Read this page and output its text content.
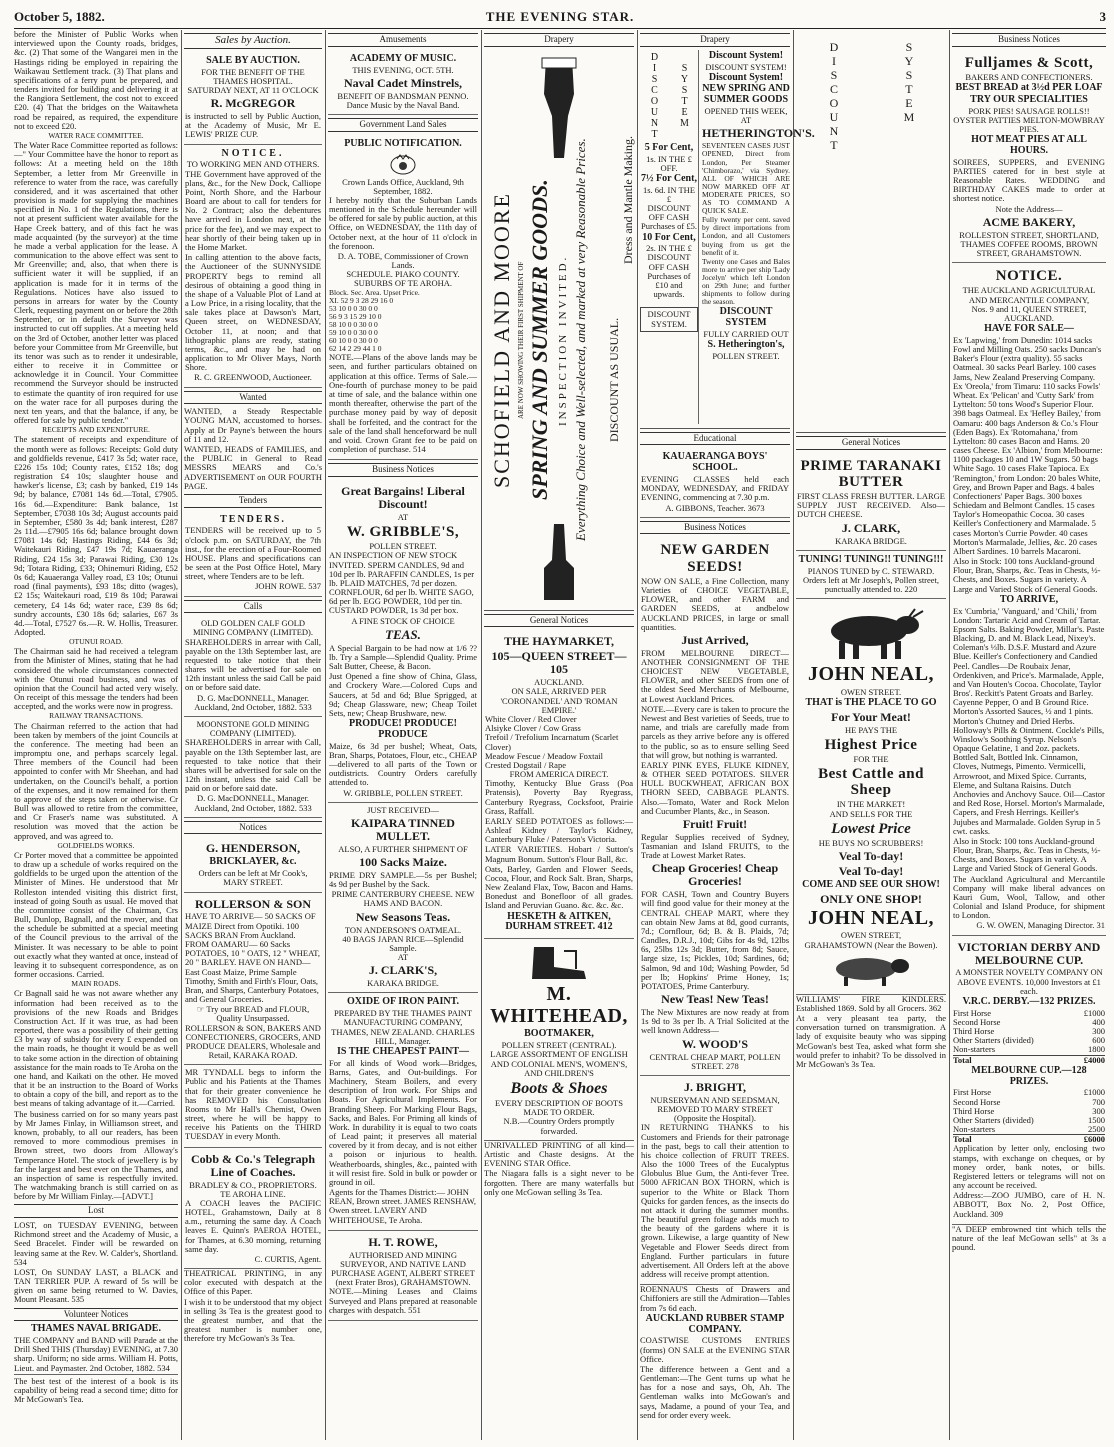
October 5, 1882.	THE EVENING STAR.	3

before the Minister of Public Works when interviewed upon the County roads, bridges, &c. (2) That some of the Wangarei men in the Hastings riding be employed in repairing the Waikawau Settlement track. (3) That plans and specifications of a ferry punt be prepared, and tenders invited for building and delivering it at the Rangiora Settlement, the cost not to exceed £20. (4) That the bridges on the Waitawheta road be repaired, as required, the expenditure not to exceed £20.

WATER RACE COMMITTEE.

The Water Race Committee reported as follows:—" Your Committee have the honor to report as follows: At a meeting held on the 18th September, a letter from Mr Greenville in reference to water from the race, was carefully considered, and it was ascertained that other provision is made for supplying the machines specified in No. 1 of the Regulations, there is not at present sufficient water available for the Hape Creek battery, and of this fact he was made acquainted (by the surveyor) at the time he made a verbal application for the lease. A communication to the above effect was sent to Mr Greenville; and, also, that when there is sufficient water it will be supplied, if an application is made for it in terms of the Regulations. Notices have also issued to persons in arrears for water by the County Clerk, requesting payment on or before the 28th September, or in default the Surveyor was instructed to cut off supplies. At a meeting held on the 3rd of October, another letter was placed before your Committee from Mr Greenville, but its tenor was such as to render it undesirable, either to receive it in Committee or acknowledge it in Council. Your Committee recommend the Surveyor should be instructed to estimate the quantity of iron required for use on the water race for all purposes during the next ten years, and that the balance, if any, be offered for sale by public tender."

RECEIPTS AND EXPENDITURE.

The statement of receipts and expenditure of the month were as follows: Receipts: Gold duty and goldfields revenue, £417 3s 5d; water race, £226 15s 10d; County rates, £152 18s; dog registration £4 10s; slaughter house and hawker's license, £3; cash by banked, £19 14s 9d; by balance, £7081 14s 6d.—Total, £7905. 16s 6d.—Expenditure: Bank balance, 1st September, £7038 10s 3d; August accounts paid in September, £580 3s 4d; bank interest, £287 2s 11d.—£7905 16s 6d; balance brought down £7081 14s 6d; Hastings Riding, £44 6s 3d; Waitekauri Riding, £47 19s 7d; Kauaeranga Riding, £24 15s 3d; Parawai Riding, £30 12s 9d; Totara Riding, £33; Ohinemuri Riding, £52 0s 6d; Kauaeranga Valley road, £3 10s; Otunui road (final payments), £93 18s; ditto (wages), £2 15s; Waitekauri road, £19 8s 10d; Parawai cemetery, £4 14s 6d; water race, £39 8s 6d; sundry accounts, £30 18s 6d; salaries, £67 3s 4d.—Total, £7527 6s.—R. W. Hollis, Treasurer. Adopted.

OTUNUI ROAD.

The Chairman said he had received a telegram from the Minister of Mines, stating that he had considered the whole circumstances connected with the Otunui road business, and was of opinion that the Council had acted very wisely. On receipt of this message the tenders had been accepted, and the works were now in progress.

RAILWAY TRANSACTIONS.

The Chairman referred to the action that had been taken by members of the joint Councils at the conference. The meeting had been an impromptu one, and perhaps scarcely legal. Three members of the Council had been appointed to confer with Mr Sheehan, and had undertaken, on the Council's behalf, a portion of the expenses, and it now remained for them to approve of the steps taken or otherwise. Cr Bull was allowed to retire from the committee, and Cr Fraser's name was substituted. A resolution was moved that the action be approved, and was agreed to.

GOLDFIELDS WORKS.

Cr Porter moved that a committee be appointed to draw up a schedule of works required on the goldfields to be urged upon the attention of the Minister of Mines. He understood that Mr Rolleston intended visiting this district first, instead of going South as usual. He moved that the committee consist of the Chairman, Crs Bull, Dunlop, Bagnall, and the mover, and that the schedule be submitted at a special meeting of the Council previous to the arrival of the Minister. It was necessary to be able to point out exactly what they wanted at once, instead of leaving it to subsequent correspondence, as on former occasions. Carried.

MAIN ROADS.

Cr Bagnall said he was not aware whether any information had been received as to the provisions of the new Roads and Bridges Construction Act. If it was true, as had been reported, there was a possibility of their getting £3 by way of subsidy for every £ expended on the main roads, he thought it would be as well to take some action in the direction of obtaining assistance for the main roads to Te Aroha on the one hand, and Kaikati on the other. He moved that it be an instruction to the Board of Works to obtain a copy of the bill, and report as to the best means of taking advantage of it.—Carried.

The business carried on for so many years past by Mr James Finlay, in Williamson street, and known, probably, to all our readers, has been removed to more commodious premises in Brown street, two doors from Alloway's Temperance Hotel. The stock of jewellery is by far the largest and best ever on the Thames, and an inspection of same is respectfully invited. The watchmaking branch is still carried on as before by Mr William Finlay.—[ADVT.]

Lost

LOST, on TUESDAY EVENING, between Richmond street and the Academy of Music, a Seed Bracelet. Finder will be rewarded on leaving same at the Rev. W. Calder's, Shortland. 534

LOST, On SUNDAY LAST, a BLACK and TAN TERRIER PUP. A reward of 5s will be given on same being returned to W. Davies, Mount Pleasant. 535

Volunteer Notices
THAMES NAVAL BRIGADE.

THE COMPANY and BAND will Parade at the Drill Shed THIS (Thursday) EVENING, at 7.30 sharp. Uniform; no side arms. William H. Potts, Lieut. and Paymaster. 2nd October, 1882. 534

The best test of the interest of a book is its capability of being read a second time; ditto for Mr McGowan's Tea.

Sales by Auction.
SALE BY AUCTION.
FOR THE BENEFIT OF THE THAMES HOSPITAL.
SATURDAY NEXT, AT 11 O'CLOCK
R. McGREGOR
is instructed to sell by Public Auction, at the Academy of Music, Mr E. LEWIS' PRIZE CUP.
NOTICE.
TO WORKING MEN AND OTHERS.

THE Government have approved of the plans, &c., for the New Dock, Calliope Point, North Shore, and the Harbour Board are about to call for tenders for No. 2 Contract; also the debentures have arrived in London next, at the price for the fee), and we may expect to hear shortly of their being taken up in the Home Market.

In calling attention to the above facts, the Auctioneer of the SUNNYSIDE PROPERTY begs to remind all desirous of obtaining a good thing in the shape of a Valuable Plot of Land at a Low Price, in a rising locality, that the sale takes place at Dawson's Mart, Queen street, on WEDNESDAY, October 11, at noon; and that lithographic plans are ready, stating terms, &c., and may be had on application to Mr Oliver Mays, North Shore.

R. C. GREENWOOD, Auctioneer.
Wanted

WANTED, a Steady Respectable YOUNG MAN, accustomed to horses. Apply at Dr Payne's between the hours of 11 and 12.

WANTED, HEADS of FAMILIES, and the PUBLIC in General to Read MESSRS MEARS and Co.'s ADVERTISEMENT on OUR FOURTH PAGE.

Tenders
TENDERS.

TENDERS will be received up to 5 o'clock p.m. on SATURDAY, the 7th inst., for the erection of a Four-Roomed HOUSE. Plans and specifications can be seen at the Post Office Hotel, Mary street, where Tenders are to be left.

JOHN ROWE. 537
Calls
OLD GOLDEN CALF GOLD MINING COMPANY (LIMITED).

SHAREHOLDERS in arrear with Call, payable on the 13th September last, are requested to take notice that their shares will be advertised for sale on 12th instant unless the said Call be paid on or before said date.

D. G. MacDONNELL, Manager. Auckland, 2nd October, 1882. 533
MOONSTONE GOLD MINING COMPANY (LIMITED).

SHAREHOLDERS in arrear with Call, payable on the 13th September last, are requested to take notice that their shares will be advertised for sale on the 12th instant, unless the said Call be paid on or before said date.

D. G. MacDONNELL, Manager. Auckland, 2nd October, 1882. 533
Notices
G. HENDERSON,
BRICKLAYER, &c.
Orders can be left at Mr Cook's, MARY STREET.
ROLLERSON & SON

HAVE TO ARRIVE— 50 SACKS OF MAIZE Direct from Opotiki. 100 SACKS BRAN From Auckland. FROM OAMARU— 60 Sacks POTATOES, 10 " OATS, 12 " WHEAT, 20 " BARLEY. HAVE ON HAND— East Coast Maize, Prime Sample Timothy, Smith and Firth's Flour, Oats, Bran, and Sharps, Canterbury Potatoes, and General Groceries.

☞ Try our BREAD and FLOUR, Quality Unsurpassed.
ROLLERSON & SON, BAKERS AND CONFECTIONERS, GROCERS, AND PRODUCE DEALERS, Wholesale and Retail, KARAKA ROAD.

MR TYNDALL begs to inform the Public and his Patients at the Thames that for their greater convenience he has REMOVED his Consultation Rooms to Mr Hall's Chemist, Owen street, where he will be happy to receive his Patients on the THIRD TUESDAY in every Month.

Cobb & Co.'s Telegraph Line of Coaches.
BRADLEY & CO., PROPRIETORS.
TE AROHA LINE.

A COACH leaves the PACIFIC HOTEL, Grahamstown, Daily at 8 a.m., returning the same day. A Coach leaves E. Quinn's PAEROA HOTEL, for Thames, at 6.30 morning, returning same day.

C. CURTIS, Agent.

THEATRICAL PRINTING, in any color executed with despatch at the Office of this Paper.

I wish it to be understood that my object in selling 3s Tea is the greatest good to the greatest number, and that the greatest number is number one, therefore try McGowan's 3s Tea.

Amusements
ACADEMY OF MUSIC.
THIS EVENING, OCT. 5TH.
Naval Cadet Minstrels,
BENEFIT OF BANDSMAN PENNO.
Dance Music by the Naval Band.
Government Land Sales
PUBLIC NOTIFICATION.
Crown Lands Office, Auckland, 9th September, 1882.

I hereby notify that the Suburban Lands mentioned in the Schedule hereunder will be offered for sale by public auction, at this Office, on WEDNESDAY, the 11th day of October next, at the hour of 11 o'clock in the forenoon.

D. A. TOBE, Commissioner of Crown Lands.
SCHEDULE. PIAKO COUNTY. SUBURBS OF TE AROHA.
Block. Sec. Area. Upset Price.
XI. 52 9 3 28 29 16 0
53 10 0 0 30 0 0
56 9 3 15 29 10 0
58 10 0 0 30 0 0
59 10 0 0 30 0 0
60 10 0 0 30 0 0
62 14 2 29 44 1 0

NOTE.—Plans of the above lands may be seen, and further particulars obtained on application at this office. Terms of Sale.—One-fourth of purchase money to be paid at time of sale, and the balance within one month thereafter, otherwise the part of the purchase money paid by way of deposit shall be forfeited, and the contract for the sale of the land shall henceforward be null and void. Crown Grant fee to be paid on completion of purchase. 514

Business Notices
Great Bargains! Liberal Discount!
AT
W. GRIBBLE'S,
POLLEN STREET.

AN INSPECTION OF NEW STOCK INVITED. SPERM CANDLES, 9d and 10d per lb. PARAFFIN CANDLES, 1s per lb. PLAID MATCHES, 7d per dozen. CORNFLOUR, 6d per lb. WHITE SAGO, 6d per lb. EGG POWDER, 10d per tin. CUSTARD POWDER, 1s 3d per box.

A FINE STOCK OF CHOICE
TEAS.

A Special Bargain to be had now at 1/6 ?? lb. Try a Sample—Splendid Quality. Prime Salt Butter, Cheese, & Bacon.

Just Opened a fine show of China, Glass, and Crockery Ware.—Colored Cups and Saucers, at 5d and 6d; Blue Sprigged, at 9d; Cheap Glassware, new; Cheap Toilet Sets, new; Cheap Brushware, new.

PRODUCE! PRODUCE! PRODUCE

Maize, 6s 3d per bushel; Wheat, Oats, Bran, Sharps, Potatoes, Flour, etc., CHEAP —delivered to all parts of the Town or outdistricts. Country Orders carefully attended to.

W. GRIBBLE, POLLEN STREET.
JUST RECEIVED—
KAIPARA TINNED MULLET.
ALSO, A FURTHER SHIPMENT OF
100 Sacks Maize.

PRIME DRY SAMPLE.—5s per Bushel; 4s 9d per Bushel by the Sack.

PRIME CANTERBURY CHEESE. NEW HAMS AND BACON.
New Seasons Teas.
TON ANDERSON'S OATMEAL.
40 BAGS JAPAN RICE—Splendid Sample.
AT
J. CLARK'S,
KARAKA BRIDGE.
OXIDE OF IRON PAINT.
PREPARED BY THE THAMES PAINT MANUFACTURING COMPANY, THAMES, NEW ZEALAND. CHARLES HILL, Manager.
IS THE CHEAPEST PAINT—

For all kinds of Wood work—Bridges, Barns, Gates, and Out-buildings. For Machinery, Steam Boilers, and every description of Iron work. For Ships and Boats. For Agricultural Implements. For Branding Sheep. For Marking Flour Bags, Sacks, and Bales. For Priming all kinds of Work. In durability it is equal to two coats of Lead paint; it preserves all material covered by it from decay, and is not either a poison or injurious to health. Weatherboards, shingles, &c., painted with it will resist fire. Sold in bulk or powder or ground in oil.

Agents for the Thames District:— JOHN REAN, Brown street. JAMES RENSHAW, Owen street. LAVERY AND WHITEHOUSE, Te Aroha.

H. T. ROWE,
AUTHORISED AND MINING SURVEYOR, AND NATIVE LAND PURCHASE AGENT, ALBERT STREET (next Frater Bros), GRAHAMSTOWN.

NOTE.—Mining Leases and Claims Surveyed and Plans prepared at reasonable charges with despatch. 551

Drapery
SCHOFIELD AND MOORE ARE NOW SHOWING THEIR FIRST SHIPMENT OF SPRING AND SUMMER GOODS. INSPECTION INVITED. Everything Choice and Well-selected, and marked at very Reasonable Prices.	DISCOUNT AS USUAL.
Dress and Mantle Making.
General Notices
THE HAYMARKET,
105—QUEEN STREET—105
AUCKLAND.
ON SALE, ARRIVED PER 'CORONANDEL' AND 'ROMAN EMPIRE.'
White Clover / Red Clover
Alsiyke Clover / Cow Grass
Trefoil / Trefolium Incarnatum (Scarlet Clover)
Meadow Fescue / Meadow Foxtail
Crested Dogstail / Rape
FROM AMERICA DIRECT.

Timothy, Kentucky Blue Grass (Poa Pratensis), Poverty Bay Ryegrass, Canterbury Ryegrass, Cocksfoot, Prairie Grass, Raffall.

EARLY SEED POTATOES as follows:— Ashleaf Kidney / Taylor's Kidney, Canterbury Fluke / Paterson's Victoria.

LATER VARIETIES. Hobart / Sutton's Magnum Bonum. Sutton's Flour Ball, &c.

Oats, Barley, Garden and Flower Seeds, Cocoa, Flour, and Rock Salt. Bran, Sharps, New Zealand Flax, Tow, Bacon and Hams. Bonedust and Bonefloor of all grades. Island and Peruvian Guano. &c. &c. &c.

HESKETH & AITKEN, DURHAM STREET. 412
M. WHITEHEAD,
BOOTMAKER,
POLLEN STREET (CENTRAL).
LARGE ASSORTMENT OF ENGLISH AND COLONIAL MEN'S, WOMEN'S, AND CHILDREN'S
Boots & Shoes
EVERY DESCRIPTION OF BOOTS MADE TO ORDER.
N.B.—Country Orders promptly forwarded.

UNRIVALLED PRINTING of all kind—Artistic and Chaste designs. At the EVENING STAR Office.

The Niagara falls is a sight never to be forgotten. There are many waterfalls but only one McGowan selling 3s Tea.

Drapery
DISCOUNT SYSTEM
5 For Cent,
1s. IN THE £
OFF.
7½ For Cent,
1s. 6d. IN THE £
DISCOUNT OFF CASH Purchases of £5.
10 For Cent,
2s. IN THE £
DISCOUNT OFF CASH Purchases of £10 and upwards.
DISCOUNT SYSTEM.
Discount System!
DISCOUNT SYSTEM!
Discount System!
NEW SPRING AND SUMMER GOODS
OPENED THIS WEEK,
AT
HETHERINGTON'S.

SEVENTEEN CASES JUST OPENED, Direct from London, Per Steamer 'Chimborazo,' via Sydney. ALL OF WHICH ARE NOW MARKED OFF AT MODERATE PRICES, SO AS TO COMMAND A QUICK SALE.

Fully twenty per cent. saved by direct importations from London, and all Customers buying from us get the benefit of it.

Twenty one Cases and Bales more to arrive per ship 'Lady Jocelyn' which left London on 29th June; and further shipments to follow during the season.

DISCOUNT SYSTEM
FULLY CARRIED OUT
S. Hetherington's,
POLLEN STREET.
Educational
KAUAERANGA BOYS' SCHOOL.

EVENING CLASSES held each MONDAY, WEDNESDAY, and FRIDAY EVENING, commencing at 7.30 p.m.

A. GIBBONS, Teacher. 3673
Business Notices
NEW GARDEN SEEDS!

NOW ON SALE, a Fine Collection, many Varieties of CHOICE VEGETABLE, FLOWER, and other FARM and GARDEN SEEDS, at andbelow AUCKLAND PRICES, in large or small quantities.

Just Arrived,

FROM MELBOURNE DIRECT— ANOTHER CONSIGNMENT OF THE CHOICEST NEW VEGETABLE, FLOWER, and other SEEDS from one of the oldest Seed Merchants of Melbourne, at Lowest Auckland Prices.

NOTE.—Every care is taken to procure the Newest and Best varieties of Seeds, true to name, and trials are carefully made from parcels as they arrive before any is offered to the public, so as to ensure selling Seed that will grow, but nothing is warranted.

EARLY PINK EYES, FLUKE KIDNEY, & OTHER SEED POTATOES. SILVER HULL BUCKWHEAT, AFRICAN BOX THORN SEED, CABBAGE PLANTS. Also.—Tomato, Water and Rock Melon and Cucumber Plants, &c., in Season.

Fruit! Fruit!

Regular Supplies received of Sydney, Tasmanian and Island FRUITS, to the Trade at Lowest Market Rates.

Cheap Groceries! Cheap Groceries!

FOR CASH, Town and Country Buyers will find good value for their money at the CENTRAL CHEAP MART, where they can obtain New Jams at 8d, good currants, 7d.; Cornflour, 6d; B. & B. Plaids, 7d; Candles, D.R.J., 10d; Gibs for 4s 9d, 12lbs 6s, 25lbs 12s 3d; Butter, from 8d; Sauce, large size, 1s; Pickles, 10d; Sardines, 6d; Salmon, 9d and 10d; Washing Powder, 5d per lb; Hopkins' Prime Honey, 1s; POTATOES, Prime Canterbury.

New Teas! New Teas!

The New Mixtures are now ready at from 1s 9d to 3s per lb. A Trial Solicited at the well known Address—

W. WOOD'S
CENTRAL CHEAP MART, POLLEN STREET. 278
J. BRIGHT,
NURSERYMAN AND SEEDSMAN, REMOVED TO MARY STREET (Opposite the Hospital).

IN RETURNING THANKS to his Customers and Friends for their patronage in the past, begs to call their attention to his choice collection of FRUIT TREES. Also the 1000 Trees of the Eucalyptus Globulus Blue Gum, the Anti-fever Tree. 5000 AFRICAN BOX THORN, which is superior to the White or Black Thorn Quicks for garden fences, as the insects do not attack it during the summer months. The beautiful green foliage adds much to the beauty of the gardens where it is grown. Likewise, a large quantity of New Vegetable and Flower Seeds direct from England. Further particulars in future advertisement. All Orders left at the above address will receive prompt attention.

ROENNAU'S Chests of Drawers and Chiffoniers are still the Admiration—Tables from 7s 6d each.

AUCKLAND RUBBER STAMP COMPANY.

COASTWISE CUSTOMS ENTRIES (forms) ON SALE at the EVENING STAR Office.

The difference between a Gent and a Gentleman:—The Gent turns up what he has for a nose and says, Oh, Ah. The Gentleman walks into McGowan's and says, Madame, a pound of your Tea, and send for order every week.

DISCOUNT	SYSTEM
General Notices
PRIME TARANAKI BUTTER

FIRST CLASS FRESH BUTTER. LARGE SUPPLY JUST RECEIVED. Also—DUTCH CHEESE.

J. CLARK,
KARAKA BRIDGE.
TUNING! TUNING!! TUNING!!!
PIANOS TUNED by C. STEWARD.
Orders left at Mr Joseph's, Pollen street, punctually attended to. 220
JOHN NEAL,
OWEN STREET.
THAT is THE PLACE TO GO
For Your Meat!
HE PAYS THE
Highest Price
FOR THE
Best Cattle and Sheep
IN THE MARKET!
AND SELLS FOR THE
Lowest Price
HE BUYS NO SCRUBBERS!
Veal To-day!
Veal To-day!
COME AND SEE OUR SHOW!
ONLY ONE SHOP!
JOHN NEAL,
OWEN STREET,
GRAHAMSTOWN (Near the Bowen).

WILLIAMS' FIRE KINDLERS. Established 1869. Sold by all Grocers. 362

At a very pleasant tea party, the conversation turned on transmigration. A lady of exquisite beauty who was sipping McGowan's best Tea, asked what form she would prefer to inhabit? To be dissolved in Mr McGowan's 3s Tea.

Business Notices
Fulljames & Scott,
BAKERS AND CONFECTIONERS.
BEST BREAD at 3½d PER LOAF
TRY OUR SPECIALITIES
PORK PIES! SAUSAGE ROLLS!! OYSTER PATTIES MELTON-MOWBRAY PIES.
HOT MEAT PIES AT ALL HOURS.

SOIREES, SUPPERS, and EVENING PARTIES catered for in best style at Reasonable Rates. WEDDING and BIRTHDAY CAKES made to order at shortest notice.

Note the Address—
ACME BAKERY,
ROLLESTON STREET, SHORTLAND, THAMES COFFEE ROOMS, BROWN STREET, GRAHAMSTOWN.
NOTICE.
THE AUCKLAND AGRICULTURAL AND MERCANTILE COMPANY,
Nos. 9 and 11, QUEEN STREET, AUCKLAND.
HAVE FOR SALE—

Ex 'Lapwing,' from Dunedin: 1014 sacks Fowl and Milling Oats. 250 sacks Duncan's Baker's Flour (extra quality). 55 sacks Oatmeal. 30 sacks Pearl Barley. 100 cases Jams, New Zealand Preserving Company. Ex 'Oreola,' from Timaru: 110 sacks Fowls' Wheat. Ex 'Pelican' and 'Cutty Sark' from Lyttelton: 50 tons Wood's Superior Flour. 398 bags Oatmeal. Ex 'Hefley Bailey,' from Oamaru: 400 bags Anderson & Co.'s Flour (Eden Bags). Ex 'Rotomahana,' from Lyttelton: 80 cases Bacon and Hams. 20 cases Cheese. Ex 'Albion,' from Melbourne: 1100 packages 10 and 1W Sugars. 50 bags White Sago. 10 cases Flake Tapioca. Ex 'Remington,' from London: 20 bales White, Grey, and Brown Paper and Bags. 4 bales Confectioners' Paper Bags. 300 boxes Schiedam and Belmont Candles. 15 cases Taylor's Homeopathic Cocoa. 30 cases Keiller's Confectionery and Marmalade. 5 cases Morton's Currie Powder. 40 cases Morton's Marmalade, Jellies, &c. 20 cases Albert Sardines. 10 barrels Macaroni.

Also in Stock: 100 tons Auckland-ground Flour, Bran, Sharps, &c. Teas in Chests, ½-Chests, and Boxes. Sugars in variety. A Large and Varied Stock of General Goods.

TO ARRIVE,

Ex 'Cumbria,' 'Vanguard,' and 'Chili,' from London: Tartaric Acid and Cream of Tartar. Epsom Salts. Baking Powder, Millar's. Paste Blacking, D. and M. Black Lead, Nixey's. Coleman's ⅓lb. D.S.F. Mustard and Azure Blue. Keiller's Confectionery and Candied Peel. Candles—De Roubaix Jenar, Ordenkiven, and Price's. Marmalade, Apple, and Van Houten's Cocoa. Chocolate, Taylor Bros'. Reckitt's Patent Groats and Barley. Cayenne Pepper, O and B Ground Rice. Morton's Assorted Sauces, ½ and 1 pints. Morton's Chutney and Dried Herbs. Holloway's Pills & Ointment. Cockle's Pills, Winslow's Soothing Syrup. Nelson's Opaque Gelatine, 1 and 2oz. packets. Bottled Salt, Bottled Ink. Cinnamon, Cloves, Nutmegs, Pimento. Vermicelli, Arrowroot, and Mixed Spice. Currants, Eleme, and Sultana Raisins. Dutch Anchovies and Anchovy Sauce. Oil—Castor and Red Rose, Horsel. Morton's Marmalade, Capers, and Fresh Herrings. Keiller's Jujubes and Marmalade. Golden Syrup in 5 cwt. casks.

Also in Stock: 100 tons Auckland-ground Flour, Bran, Sharps, &c. Teas in Chests, ½-Chests, and Boxes. Sugars in variety. A Large and Varied Stock of General Goods.

The Auckland Agricultural and Mercantile Company will make liberal advances on Kauri Gum, Wool, Tallow, and other Colonial and Island Produce, for shipment to London.

G. W. OWEN, Managing Director. 31
VICTORIAN DERBY AND MELBOURNE CUP.

A MONSTER NOVELTY COMPANY ON ABOVE EVENTS. 10,000 Investors at £1 each.

V.R.C. DERBY.—132 PRIZES.
First Horse	£1000
Second Horse	400
Third Horse	300
Other Starters (divided)	600
Non-starters	1800
Total	£4000
MELBOURNE CUP.—128 PRIZES.
First Horse	£1000
Second Horse	700
Third Horse	300
Other Starters (divided)	1500
Non-starters	2500
Total	£6000

Application by letter only, enclosing two stamps, with exchange on cheques, or by money order, bank notes, or bills. Registered letters or telegrams will not on any account be received.

Address:—ZOO JUMBO, care of H. N. ABBOTT, Box No. 2, Post Office, Auckland. 309

"A DEEP embrowned tint which tells the nature of the leaf McGowan sells" at 3s a pound.
